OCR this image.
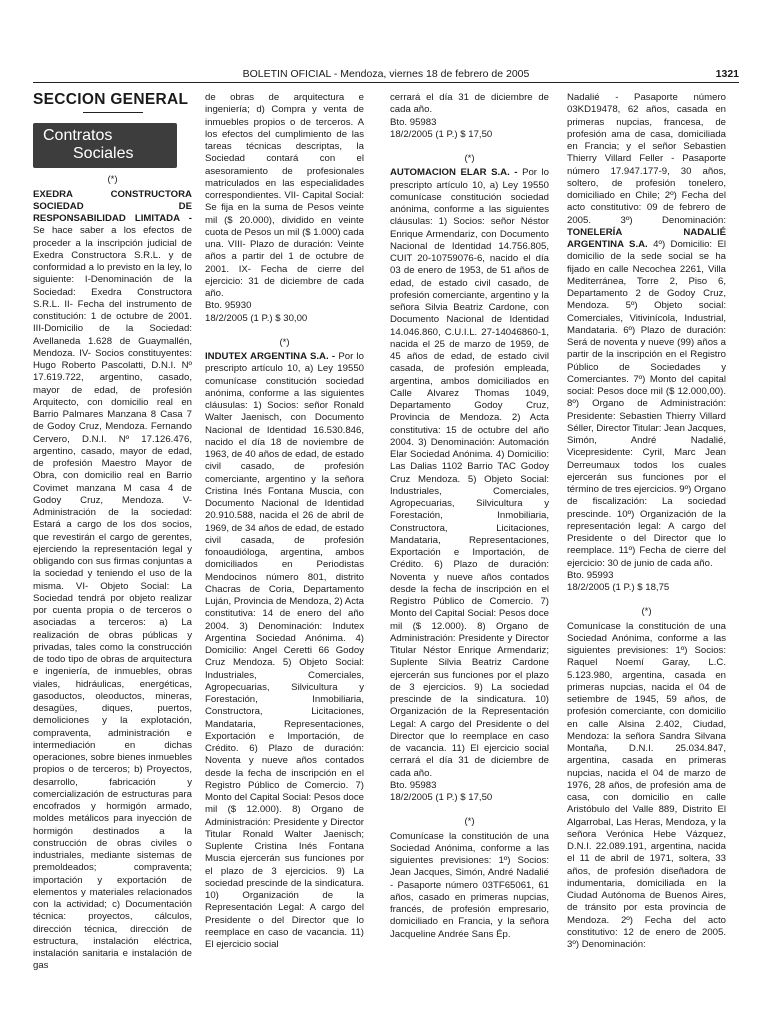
BOLETIN OFICIAL - Mendoza, viernes 18 de febrero de 2005	1321
SECCION GENERAL
Contratos
Sociales
(*)

EXEDRA CONSTRUCTORA SOCIEDAD DE RESPONSABILIDAD LIMITADA - Se hace saber a los efectos de proceder a la inscripción judicial de Exedra Constructora S.R.L. y de conformidad a lo previsto en la ley, lo siguiente: I-Denominación de la Sociedad: Exedra Constructora S.R.L. II- Fecha del instrumento de constitución: 1 de octubre de 2001. III-Domicilio de la Sociedad: Avellaneda 1.628 de Guaymallén, Mendoza. IV- Socios constituyentes: Hugo Roberto Pascolatti, D.N.I. Nº 17.619.722, argentino, casado, mayor de edad, de profesión Arquitecto, con domicilio real en Barrio Palmares Manzana 8 Casa 7 de Godoy Cruz, Mendoza. Fernando Cervero, D.N.I. Nº 17.126.476, argentino, casado, mayor de edad, de profesión Maestro Mayor de Obra, con domicilio real en Barrio Covimet manzana M casa 4 de Godoy Cruz, Mendoza. V- Administración de la sociedad: Estará a cargo de los dos socios, que revestirán el cargo de gerentes, ejerciendo la representación legal y obligando con sus firmas conjuntas a la sociedad y teniendo el uso de la misma. VI- Objeto Social: La Sociedad tendrá por objeto realizar por cuenta propia o de terceros o asociadas a terceros: a) La realización de obras públicas y privadas, tales como la construcción de todo tipo de obras de arquitectura e ingeniería, de inmuebles, obras viales, hidráulicas, energéticas, gasoductos, oleoductos, mineras, desagües, diques, puertos, demoliciones y la explotación, compraventa, administración e intermediación en dichas operaciones, sobre bienes inmuebles propios o de terceros; b) Proyectos, desarrollo, fabricación y comercialización de estructuras para encofrados y hormigón armado, moldes metálicos para inyección de hormigón destinados a la construcción de obras civiles o industriales, mediante sistemas de premoldeados; compraventa; importación y exportación de elementos y materiales relacionados con la actividad; c) Documentación técnica: proyectos, cálculos, dirección técnica, dirección de estructura, instalación eléctrica, instalación sanitaria e instalación de gas

de obras de arquitectura e ingeniería; d) Compra y venta de inmuebles propios o de terceros. A los efectos del cumplimiento de las tareas técnicas descriptas, la Sociedad contará con el asesoramiento de profesionales matriculados en las especialidades correspondientes. VII- Capital Social: Se fija en la suma de Pesos veinte mil ($ 20.000), dividido en veinte cuota de Pesos un mil ($ 1.000) cada una. VIII- Plazo de duración: Veinte años a partir del 1 de octubre de 2001. IX- Fecha de cierre del ejercicio: 31 de diciembre de cada año.

Bto. 95930

18/2/2005 (1 P.) $ 30,00

(*)

INDUTEX ARGENTINA S.A. - Por lo prescripto artículo 10, a) Ley 19550 comunícase constitución sociedad anónima, conforme a las siguientes cláusulas: 1) Socios: señor Ronald Walter Jaenisch, con Documento Nacional de Identidad 16.530.846, nacido el día 18 de noviembre de 1963, de 40 años de edad, de estado civil casado, de profesión comerciante, argentino y la señora Cristina Inés Fontana Muscia, con Documento Nacional de Identidad 20.910.588, nacida el 26 de abril de 1969, de 34 años de edad, de estado civil casada, de profesión fonoaudióloga, argentina, ambos domiciliados en Periodistas Mendocinos número 801, distrito Chacras de Coria, Departamento Luján, Provincia de Mendoza, 2) Acta constitutiva: 14 de enero del año 2004. 3) Denominación: Indutex Argentina Sociedad Anónima. 4) Domicilio: Angel Ceretti 66 Godoy Cruz Mendoza. 5) Objeto Social: Industriales, Comerciales, Agropecuarias, Silvicultura y Forestación, Inmobiliaria, Constructora, Licitaciones, Mandataria, Representaciones, Exportación e Importación, de Crédito. 6) Plazo de duración: Noventa y nueve años contados desde la fecha de inscripción en el Registro Público de Comercio. 7) Monto del Capital Social: Pesos doce mil ($ 12.000). 8) Organo de Administración: Presidente y Director Titular Ronald Walter Jaenisch; Suplente Cristina Inés Fontana Muscia ejercerán sus funciones por el plazo de 3 ejercicios. 9) La sociedad prescinde de la sindicatura. 10) Organización de la Representación Legal: A cargo del Presidente o del Director que lo reemplace en caso de vacancia. 11) El ejercicio social

cerrará el día 31 de diciembre de cada año.

Bto. 95983

18/2/2005 (1 P.) $ 17,50

(*)

AUTOMACION ELAR S.A. - Por lo prescripto artículo 10, a) Ley 19550 comunícase constitución sociedad anónima, conforme a las siguientes cláusulas: 1) Socios: señor Néstor Enrique Armendariz, con Documento Nacional de Identidad 14.756.805, CUIT 20-10759076-6, nacido el día 03 de enero de 1953, de 51 años de edad, de estado civil casado, de profesión comerciante, argentino y la señora Silvia Beatriz Cardone, con Documento Nacional de Identidad 14.046.860, C.U.I.L. 27-14046860-1, nacida el 25 de marzo de 1959, de 45 años de edad, de estado civil casada, de profesión empleada, argentina, ambos domiciliados en Calle Alvarez Thomas 1049, Departamento Godoy Cruz, Provincia de Mendoza. 2) Acta constitutiva: 15 de octubre del año 2004. 3) Denominación: Automación Elar Sociedad Anónima. 4) Domicilio: Las Dalias 1102 Barrio TAC Godoy Cruz Mendoza. 5) Objeto Social: Industriales, Comerciales, Agropecuarias, Silvicultura y Forestación, Inmobiliaria, Constructora, Licitaciones, Mandataria, Representaciones, Exportación e Importación, de Crédito. 6) Plazo de duración: Noventa y nueve años contados desde la fecha de inscripción en el Registro Público de Comercio. 7) Monto del Capital Social: Pesos doce mil ($ 12.000). 8) Organo de Administración: Presidente y Director Titular Néstor Enrique Armendariz; Suplente Silvia Beatriz Cardone ejercerán sus funciones por el plazo de 3 ejercicios. 9) La sociedad prescinde de la sindicatura. 10) Organización de la Representación Legal: A cargo del Presidente o del Director que lo reemplace en caso de vacancia. 11) El ejercicio social cerrará el día 31 de diciembre de cada año.

Bto. 95983

18/2/2005 (1 P.) $ 17,50

(*)

Comunícase la constitución de una Sociedad Anónima, conforme a las siguientes previsiones: 1º) Socios: Jean Jacques, Simón, André Nadalié - Pasaporte número 03TF65061, 61 años, casado en primeras nupcias, francés, de profesión empresario, domiciliado en Francia, y la señora Jacqueline Andrée Sans Ép.

Nadalié - Pasaporte número 03KD19478, 62 años, casada en primeras nupcias, francesa, de profesión ama de casa, domiciliada en Francia; y el señor Sebastien Thierry Villard Feller - Pasaporte número 17.947.177-9, 30 años, soltero, de profesión tonelero, domiciliado en Chile; 2º) Fecha del acto constitutivo: 09 de febrero de 2005. 3º) Denominación: TONELERÍA NADALIÉ ARGENTINA S.A. 4º) Domicilio: El domicilio de la sede social se ha fijado en calle Necochea 2261, Villa Mediterránea, Torre 2, Piso 6, Departamento 2 de Godoy Cruz, Mendoza. 5º) Objeto social: Comerciales, Vitivinícola, Industrial, Mandataria. 6º) Plazo de duración: Será de noventa y nueve (99) años a partir de la inscripción en el Registro Público de Sociedades y Comerciantes. 7º) Monto del capital social: Pesos doce mil ($ 12.000,00). 8º) Organo de Administración: Presidente: Sebastien Thierry Villard Séller, Director Titular: Jean Jacques, Simón, André Nadalié, Vicepresidente: Cyril, Marc Jean Derreumaux todos los cuales ejercerán sus funciones por el término de tres ejercicios. 9º) Organo de fiscalización: La sociedad prescinde. 10º) Organización de la representación legal: A cargo del Presidente o del Director que lo reemplace. 11º) Fecha de cierre del ejercicio: 30 de junio de cada año.

Bto. 95993

18/2/2005 (1 P.) $ 18,75

(*)

Comunícase la constitución de una Sociedad Anónima, conforme a las siguientes previsiones: 1º) Socios: Raquel Noemí Garay, L.C. 5.123.980, argentina, casada en primeras nupcias, nacida el 04 de setiembre de 1945, 59 años, de profesión comerciante, con domicilio en calle Alsina 2.402, Ciudad, Mendoza: la señora Sandra Silvana Montaña, D.N.I. 25.034.847, argentina, casada en primeras nupcias, nacida el 04 de marzo de 1976, 28 años, de profesión ama de casa, con domicilio en calle Aristóbulo del Valle 889, Distrito El Algarrobal, Las Heras, Mendoza, y la señora Verónica Hebe Vázquez, D.N.I. 22.089.191, argentina, nacida el 11 de abril de 1971, soltera, 33 años, de profesión diseñadora de indumentaria, domiciliada en la Ciudad Autónoma de Buenos Aires, de tránsito por esta provincia de Mendoza. 2º) Fecha del acto constitutivo: 12 de enero de 2005. 3º) Denominación:
